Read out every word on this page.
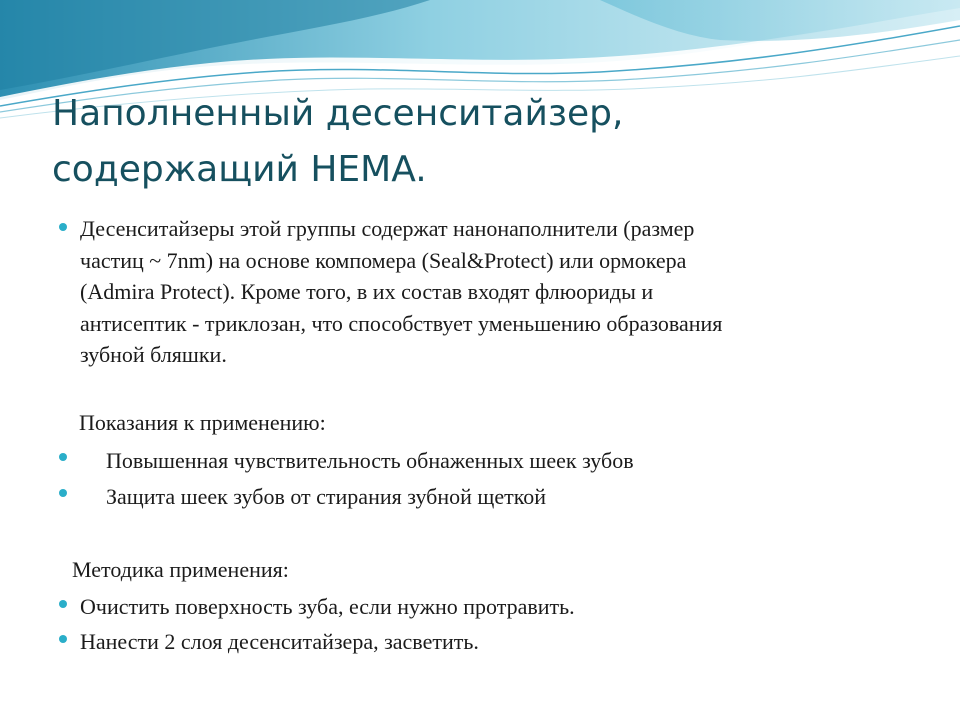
Наполненный десенситайзер,
содержащий HEMA.
Десенситайзеры этой группы содержат нанонаполнители (размер
частиц ~ 7nm) на основе компомера (Seal&Protect) или ормокера
(Admira Protect). Кроме того, в их состав входят флюориды и
антисептик - триклозан, что способствует уменьшению образования
зубной бляшки.
Показания к применению:
Повышенная чувствительность обнаженных шеек зубов
Защита шеек зубов от стирания зубной щеткой
Методика применения:
Очистить поверхность зуба, если нужно протравить.
Нанести 2 слоя десенситайзера, засветить.
